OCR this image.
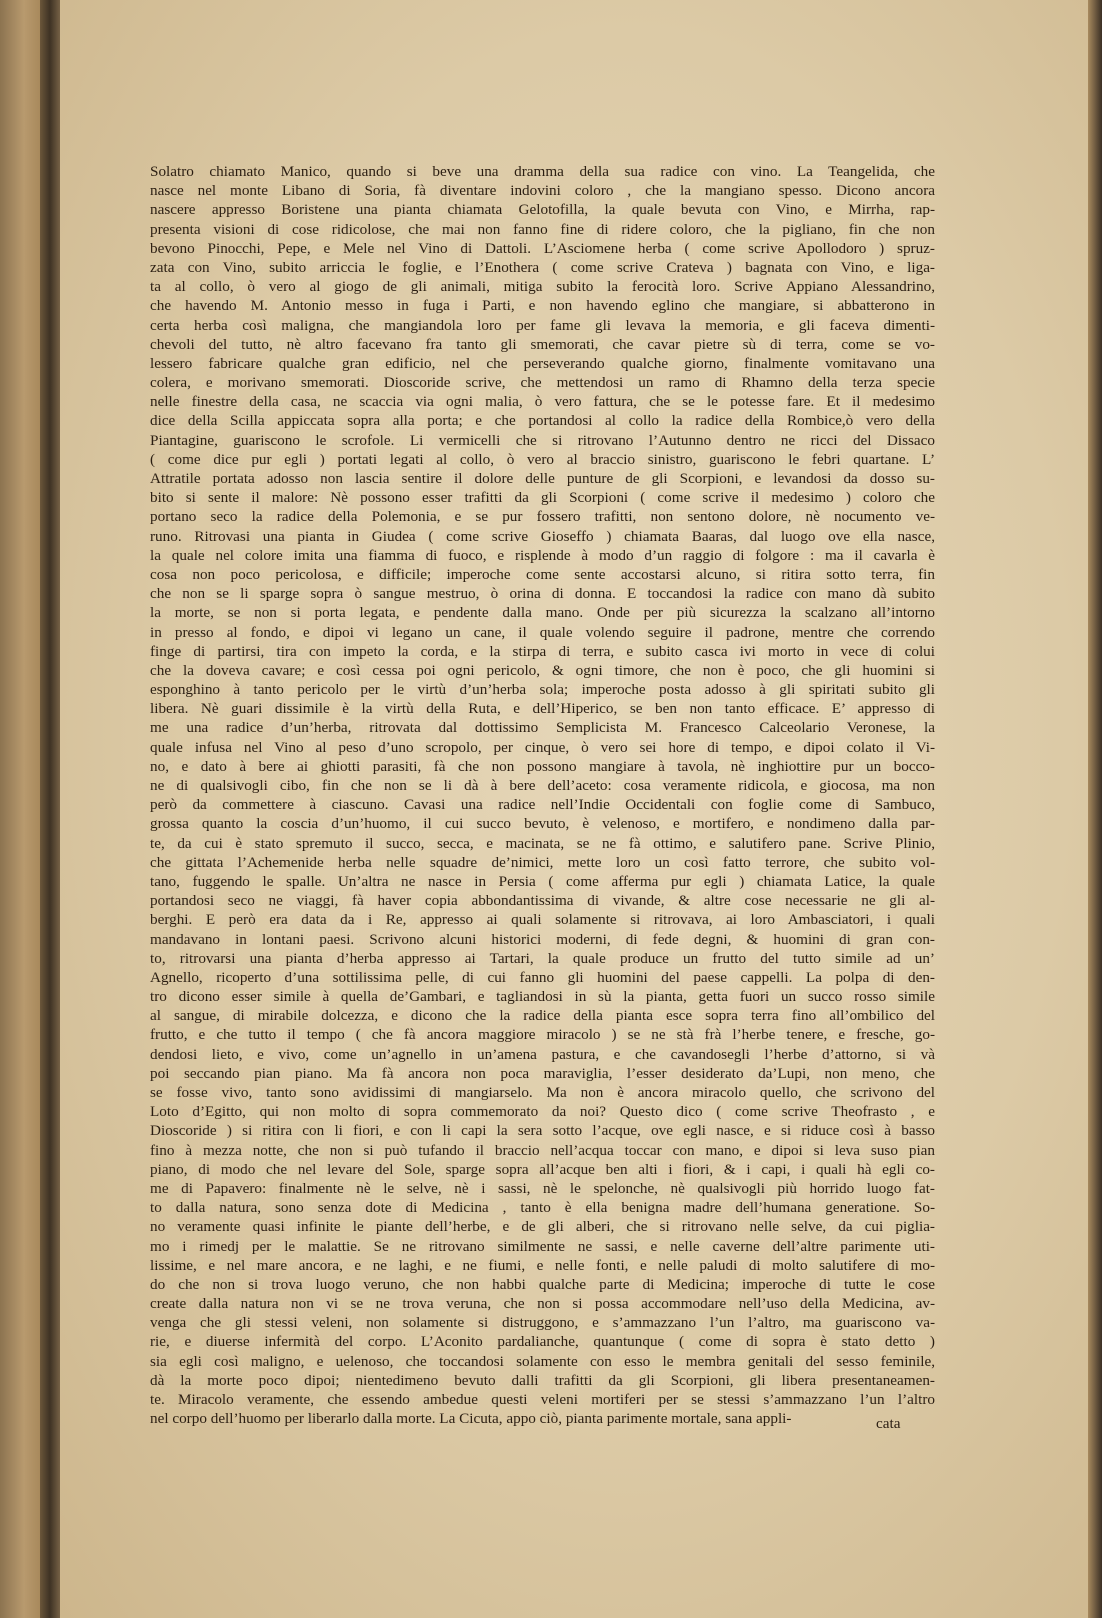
Solatro chiamato Manico, quando si beve una dramma della sua radice con vino. La Teangelida, che
nasce nel monte Libano di Soria, fà diventare indovini coloro , che la mangiano spesso. Dicono ancora
nascere appresso Boristene una pianta chiamata Gelotofilla, la quale bevuta con Vino, e Mirrha, rap-
presenta visioni di cose ridicolose, che mai non fanno fine di ridere coloro, che la pigliano, fin che non
bevono Pinocchi, Pepe, e Mele nel Vino di Dattoli. L’Asciomene herba ( come scrive Apollodoro ) spruz-
zata con Vino, subito arriccia le foglie, e l’Enothera ( come scrive Crateva ) bagnata con Vino, e liga-
ta al collo, ò vero al giogo de gli animali, mitiga subito la ferocità loro. Scrive Appiano Alessandrino,
che havendo M. Antonio messo in fuga i Parti, e non havendo eglino che mangiare, si abbatterono in
certa herba così maligna, che mangiandola loro per fame gli levava la memoria, e gli faceva dimenti-
chevoli del tutto, nè altro facevano fra tanto gli smemorati, che cavar pietre sù di terra, come se vo-
lessero fabricare qualche gran edificio, nel che perseverando qualche giorno, finalmente vomitavano una
colera, e morivano smemorati. Dioscoride scrive, che mettendosi un ramo di Rhamno della terza specie
nelle finestre della casa, ne scaccia via ogni malia, ò vero fattura, che se le potesse fare. Et il medesimo
dice della Scilla appiccata sopra alla porta; e che portandosi al collo la radice della Rombice,ò vero della
Piantagine, guariscono le scrofole. Li vermicelli che si ritrovano l’Autunno dentro ne ricci del Dissaco
( come dice pur egli ) portati legati al collo, ò vero al braccio sinistro, guariscono le febri quartane. L’
Attratile portata adosso non lascia sentire il dolore delle punture de gli Scorpioni, e levandosi da dosso su-
bito si sente il malore: Nè possono esser trafitti da gli Scorpioni ( come scrive il medesimo ) coloro che
portano seco la radice della Polemonia, e se pur fossero trafitti, non sentono dolore, nè nocumento ve-
runo. Ritrovasi una pianta in Giudea ( come scrive Gioseffo ) chiamata Baaras, dal luogo ove ella nasce,
la quale nel colore imita una fiamma di fuoco, e risplende à modo d’un raggio di folgore : ma il cavarla è
cosa non poco pericolosa, e difficile; imperoche come sente accostarsi alcuno, si ritira sotto terra, fin
che non se li sparge sopra ò sangue mestruo, ò orina di donna. E toccandosi la radice con mano dà subito
la morte, se non si porta legata, e pendente dalla mano. Onde per più sicurezza la scalzano all’intorno
in presso al fondo, e dipoi vi legano un cane, il quale volendo seguire il padrone, mentre che correndo
finge di partirsi, tira con impeto la corda, e la stirpa di terra, e subito casca ivi morto in vece di colui
che la doveva cavare; e così cessa poi ogni pericolo, & ogni timore, che non è poco, che gli huomini si
esponghino à tanto pericolo per le virtù d’un’herba sola; imperoche posta adosso à gli spiritati subito gli
libera. Nè guari dissimile è la virtù della Ruta, e dell’Hiperico, se ben non tanto efficace. E’ appresso di
me una radice d’un’herba, ritrovata dal dottissimo Semplicista M. Francesco Calceolario Veronese, la
quale infusa nel Vino al peso d’uno scropolo, per cinque, ò vero sei hore di tempo, e dipoi colato il Vi-
no, e dato à bere ai ghiotti parasiti, fà che non possono mangiare à tavola, nè inghiottire pur un bocco-
ne di qualsivogli cibo, fin che non se li dà à bere dell’aceto: cosa veramente ridicola, e giocosa, ma non
però da commettere à ciascuno. Cavasi una radice nell’Indie Occidentali con foglie come di Sambuco,
grossa quanto la coscia d’un’huomo, il cui succo bevuto, è velenoso, e mortifero, e nondimeno dalla par-
te, da cui è stato spremuto il succo, secca, e macinata, se ne fà ottimo, e salutifero pane. Scrive Plinio,
che gittata l’Achemenide herba nelle squadre de’nimici, mette loro un così fatto terrore, che subito vol-
tano, fuggendo le spalle. Un’altra ne nasce in Persia ( come afferma pur egli ) chiamata Latice, la quale
portandosi seco ne viaggi, fà haver copia abbondantissima di vivande, & altre cose necessarie ne gli al-
berghi. E però era data da i Re, appresso ai quali solamente si ritrovava, ai loro Ambasciatori, i quali
mandavano in lontani paesi. Scrivono alcuni historici moderni, di fede degni, & huomini di gran con-
to, ritrovarsi una pianta d’herba appresso ai Tartari, la quale produce un frutto del tutto simile ad un’
Agnello, ricoperto d’una sottilissima pelle, di cui fanno gli huomini del paese cappelli. La polpa di den-
tro dicono esser simile à quella de’Gambari, e tagliandosi in sù la pianta, getta fuori un succo rosso simile
al sangue, di mirabile dolcezza, e dicono che la radice della pianta esce sopra terra fino all’ombilico del
frutto, e che tutto il tempo ( che fà ancora maggiore miracolo ) se ne stà frà l’herbe tenere, e fresche, go-
dendosi lieto, e vivo, come un’agnello in un’amena pastura, e che cavandosegli l’herbe d’attorno, si và
poi seccando pian piano. Ma fà ancora non poca maraviglia, l’esser desiderato da’Lupi, non meno, che
se fosse vivo, tanto sono avidissimi di mangiarselo. Ma non è ancora miracolo quello, che scrivono del
Loto d’Egitto, qui non molto di sopra commemorato da noi? Questo dico ( come scrive Theofrasto , e
Dioscoride ) si ritira con li fiori, e con li capi la sera sotto l’acque, ove egli nasce, e si riduce così à basso
fino à mezza notte, che non si può tufando il braccio nell’acqua toccar con mano, e dipoi si leva suso pian
piano, di modo che nel levare del Sole, sparge sopra all’acque ben alti i fiori, & i capi, i quali hà egli co-
me di Papavero: finalmente nè le selve, nè i sassi, nè le spelonche, nè qualsivogli più horrido luogo fat-
to dalla natura, sono senza dote di Medicina , tanto è ella benigna madre dell’humana generatione. So-
no veramente quasi infinite le piante dell’herbe, e de gli alberi, che si ritrovano nelle selve, da cui piglia-
mo i rimedj per le malattie. Se ne ritrovano similmente ne sassi, e nelle caverne dell’altre parimente uti-
lissime, e nel mare ancora, e ne laghi, e ne fiumi, e nelle fonti, e nelle paludi di molto salutifere di mo-
do che non si trova luogo veruno, che non habbi qualche parte di Medicina; imperoche di tutte le cose
create dalla natura non vi se ne trova veruna, che non si possa accommodare nell’uso della Medicina, av-
venga che gli stessi veleni, non solamente si distruggono, e s’ammazzano l’un l’altro, ma guariscono va-
rie, e diuerse infermità del corpo. L’Aconito pardalianche, quantunque ( come di sopra è stato detto )
sia egli così maligno, e uelenoso, che toccandosi solamente con esso le membra genitali del sesso feminile,
dà la morte poco dipoi; nientedimeno bevuto dalli trafitti da gli Scorpioni, gli libera presentaneamen-
te. Miracolo veramente, che essendo ambedue questi veleni mortiferi per se stessi s’ammazzano l’un l’altro
nel corpo dell’huomo per liberarlo dalla morte. La Cicuta, appo ciò, pianta parimente mortale, sana appli-	cata
